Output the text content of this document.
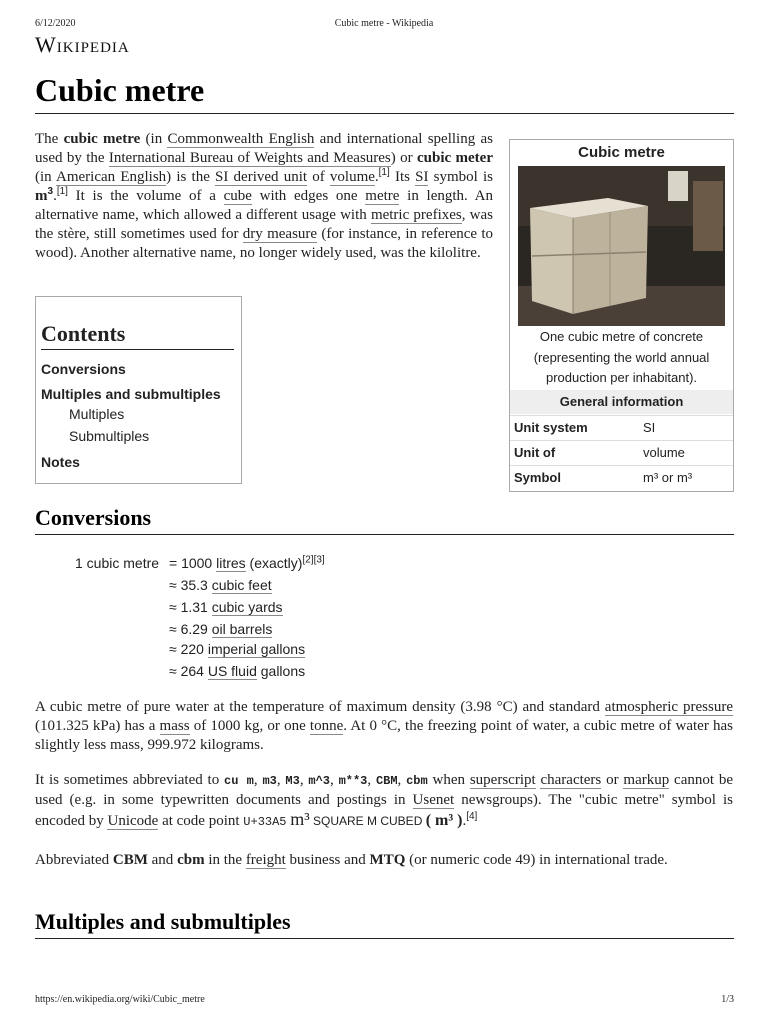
6/12/2020	Cubic metre - Wikipedia
Wikipedia
Cubic metre
The cubic metre (in Commonwealth English and international spelling as used by the International Bureau of Weights and Measures) or cubic meter (in American English) is the SI derived unit of volume.[1] Its SI symbol is $m^3.[1]$ It is the volume of a cube with edges one metre in length. An alternative name, which allowed a different usage with metric prefixes, was the stère, still sometimes used for dry measure (for instance, in reference to wood). Another alternative name, no longer widely used, was the kilolitre.
Cubic metre
One cubic metre of concrete (representing the world annual production per inhabitant).
General information
Unit system	SI
Unit of	volume
Symbol	m³ or m³
Contents
Conversions
Multiples and submultiples
Multiples
Submultiples
Notes
Conversions
1 cubic metre = 1000 litres (exactly)[2][3]
≈ 35.3 cubic feet
≈ 1.31 cubic yards
≈ 6.29 oil barrels
≈ 220 imperial gallons
≈ 264 US fluid gallons
A cubic metre of pure water at the temperature of maximum density (3.98 °C) and standard atmospheric pressure (101.325 kPa) has a mass of 1000 kg, or one tonne. At 0 °C, the freezing point of water, a cubic metre of water has slightly less mass, 999.972 kilograms.
It is sometimes abbreviated to cu m, m3, M3, m^3, m**3, CBM, cbm when superscript characters or markup cannot be used (e.g. in some typewritten documents and postings in Usenet newsgroups). The "cubic metre" symbol is encoded by Unicode at code point U+33A5 m³ SQUARE M CUBED ( m³ ).[4]
Abbreviated CBM and cbm in the freight business and MTQ (or numeric code 49) in international trade.
Multiples and submultiples
https://en.wikipedia.org/wiki/Cubic_metre	1/3
